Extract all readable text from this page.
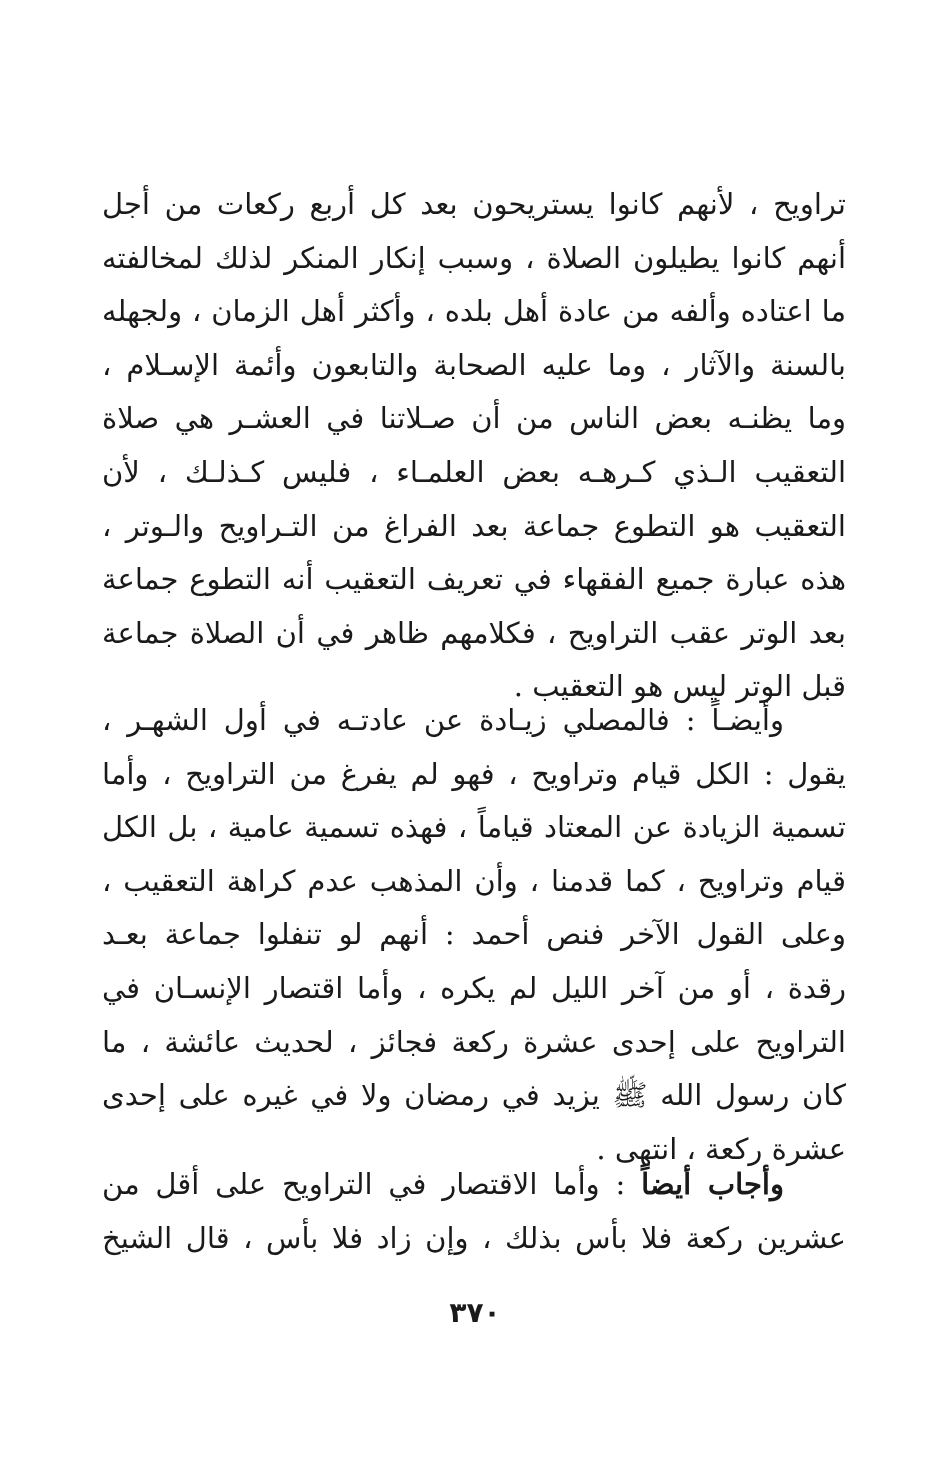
تراويح ، لأنهم كانوا يستريحون بعد كل أربع ركعات من أجل
أنهم كانوا يطيلون الصلاة ، وسبب إنكار المنكر لذلك لمخالفته
ما اعتاده وألفه من عادة أهل بلده ، وأكثر أهل الزمان ، ولجهله
بالسنة والآثار ، وما عليه الصحابة والتابعون وأئمة الإسـلام ،
وما يظنـه بعض الناس من أن صـلاتنا في العشـر هي صلاة
التعقيب الـذي كـرهـه بعض العلمـاء ، فليس كـذلـك ، لأن
التعقيب هو التطوع جماعة بعد الفراغ من التـراويح والـوتر ،
هذه عبارة جميع الفقهاء في تعريف التعقيب أنه التطوع جماعة
بعد الوتر عقب التراويح ، فكلامهم ظاهر في أن الصلاة جماعة
قبل الوتر ليس هو التعقيب .
وأيضـاً : فالمصلي زيـادة عن عادتـه في أول الشهـر ،
يقول : الكل قيام وتراويح ، فهو لم يفرغ من التراويح ، وأما
تسمية الزيادة عن المعتاد قياماً ، فهذه تسمية عامية ، بل الكل
قيام وتراويح ، كما قدمنا ، وأن المذهب عدم كراهة التعقيب ،
وعلى القول الآخر فنص أحمد : أنهم لو تنفلوا جماعة بعـد
رقدة ، أو من آخر الليل لم يكره ، وأما اقتصار الإنسـان في
التراويح على إحدى عشرة ركعة فجائز ، لحديث عائشة ، ما
كان رسول الله ﷺ يزيد في رمضان ولا في غيره على إحدى
عشرة ركعة ، انتهى .
وأجاب أيضاً : وأما الاقتصار في التراويح على أقل من
عشرين ركعة فلا بأس بذلك ، وإن زاد فلا بأس ، قال الشيخ
٣٧٠
